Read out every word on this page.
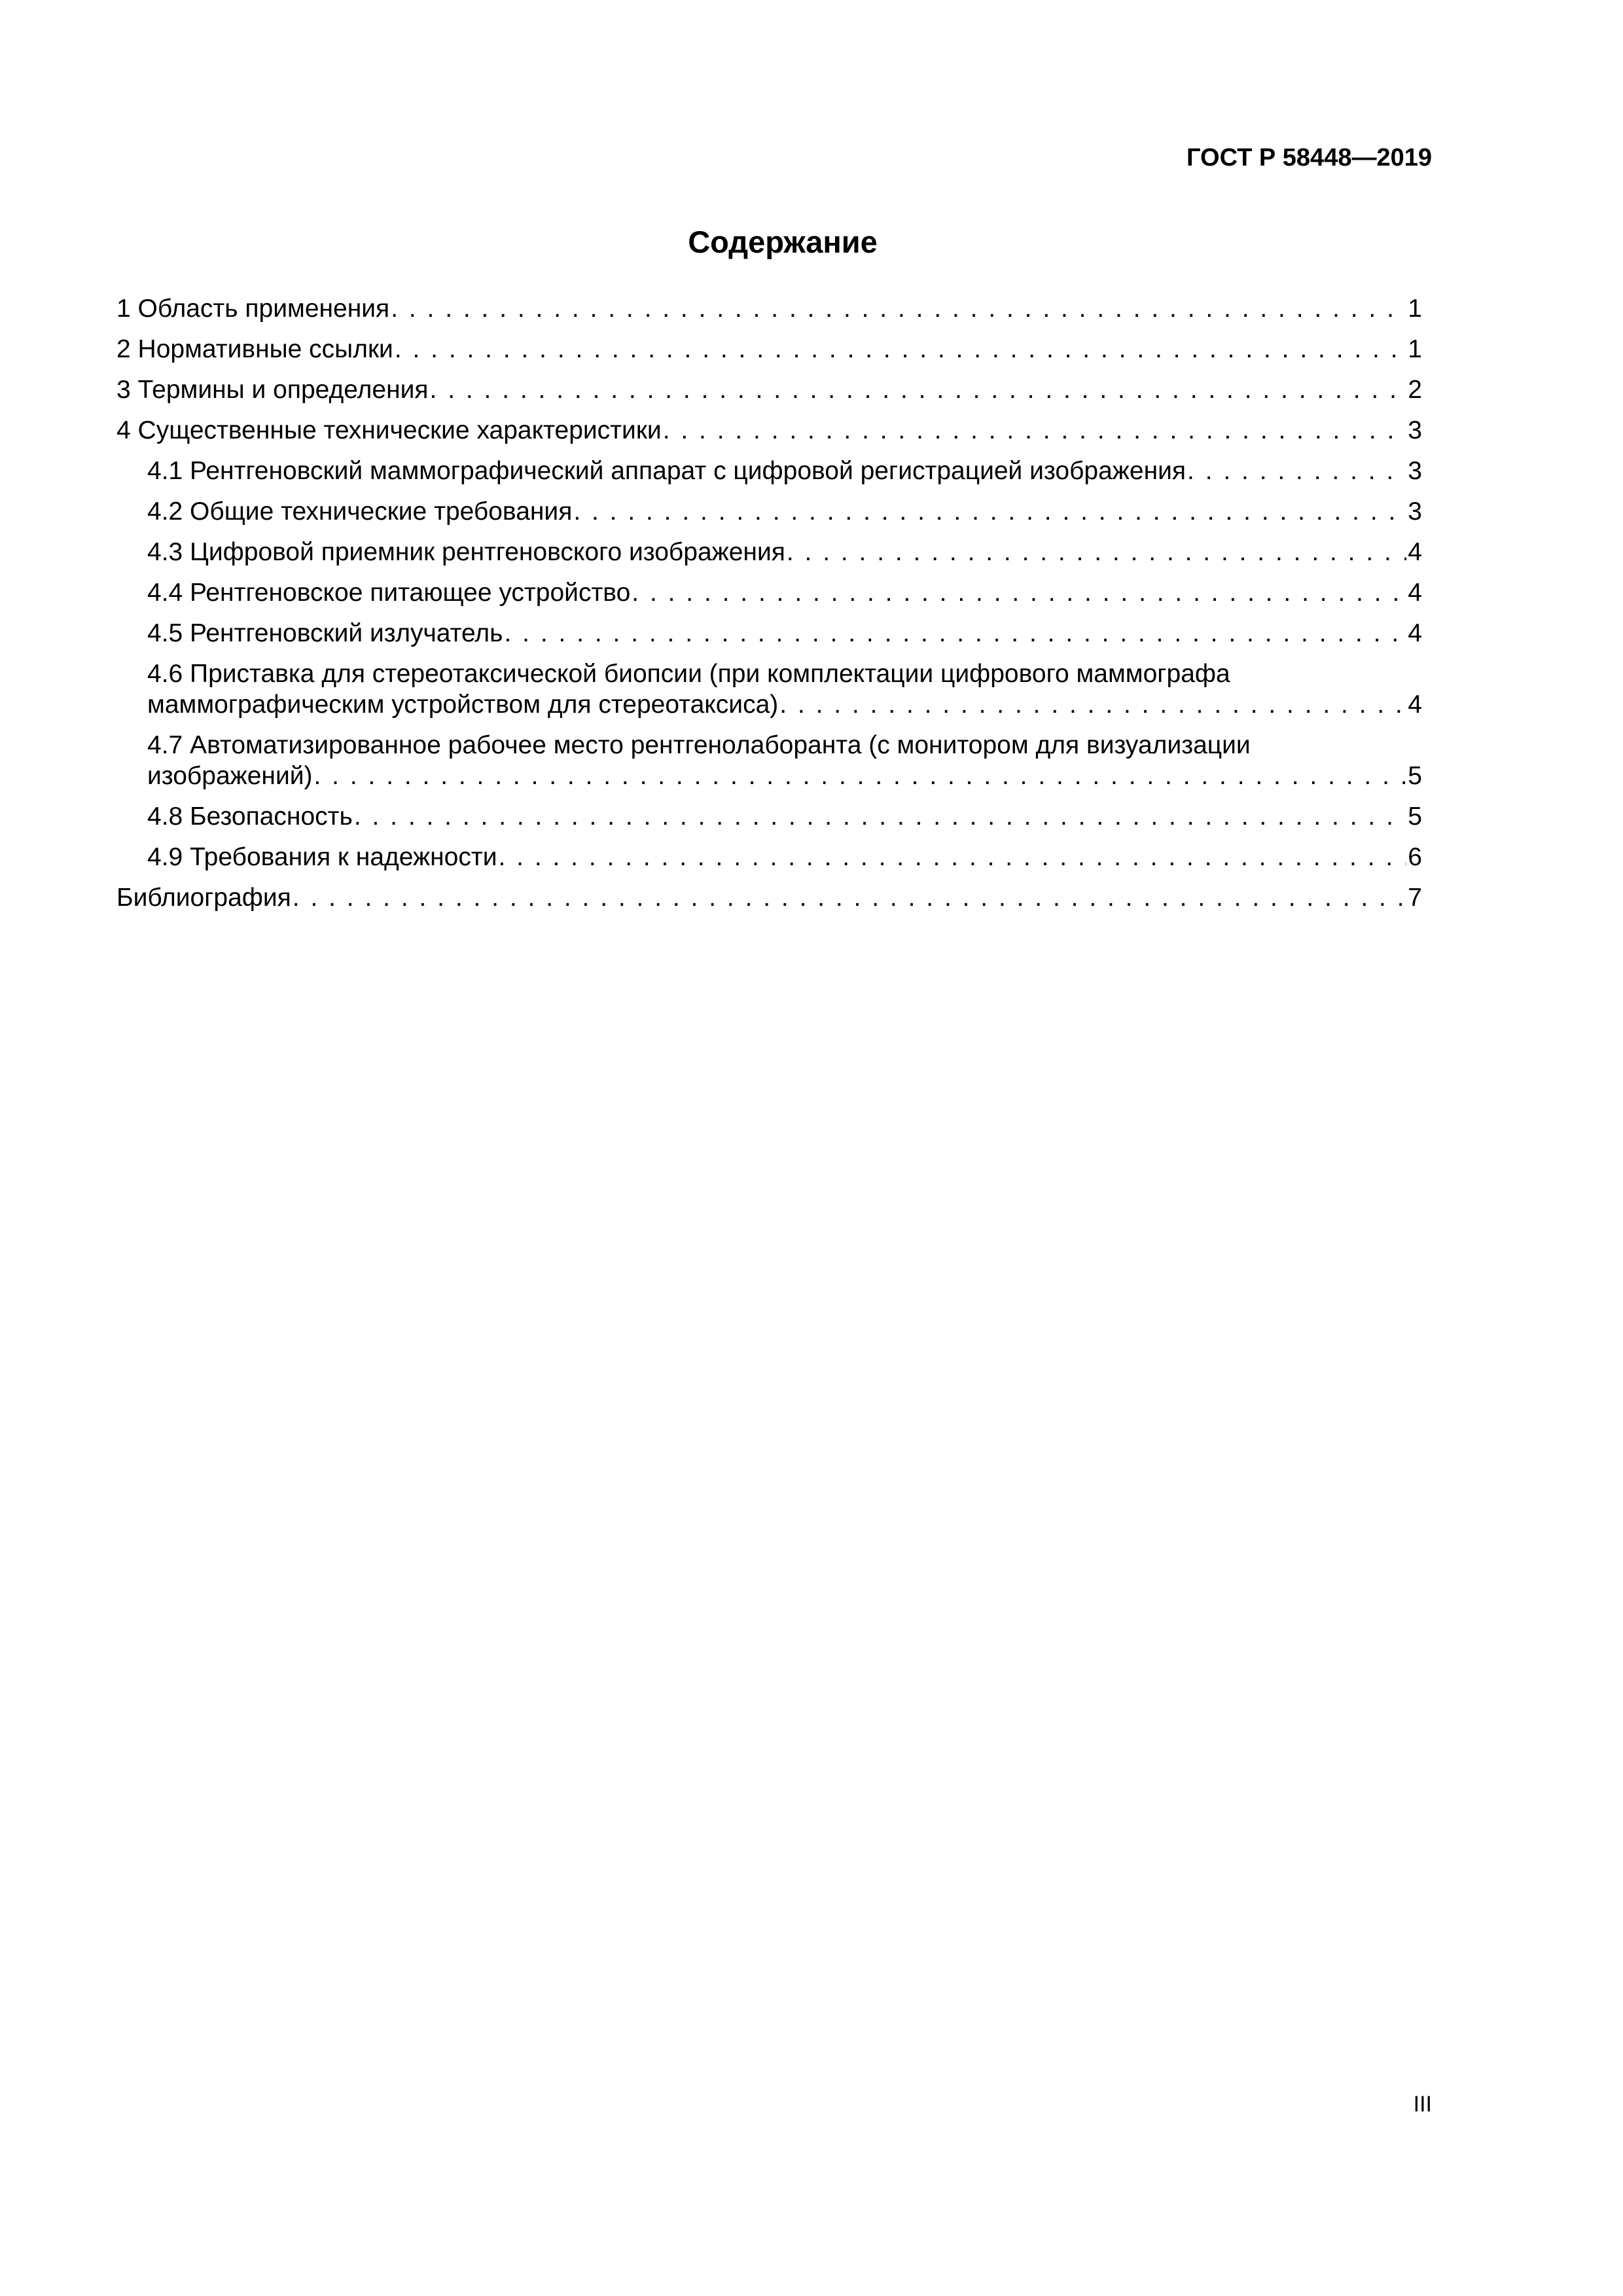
ГОСТ Р 58448—2019
Содержание
1 Область применения . . .	1
2 Нормативные ссылки . . .	1
3 Термины и определения . . .	2
4 Существенные технические характеристики . . .	3
4.1 Рентгеновский маммографический аппарат с цифровой регистрацией изображения . . .	3
4.2 Общие технические требования . . .	3
4.3 Цифровой приемник рентгеновского изображения . . .	4
4.4 Рентгеновское питающее устройство . . .	4
4.5 Рентгеновский излучатель . . .	4
4.6 Приставка для стереотаксической биопсии (при комплектации цифрового маммографа
маммографическим устройством для стереотаксиса) . . .	4
4.7 Автоматизированное рабочее место рентгенолаборанта (с монитором для визуализации
изображений) . . .	5
4.8 Безопасность . . .	5
4.9 Требования к надежности . . .	6
Библиография . . .	7
III
